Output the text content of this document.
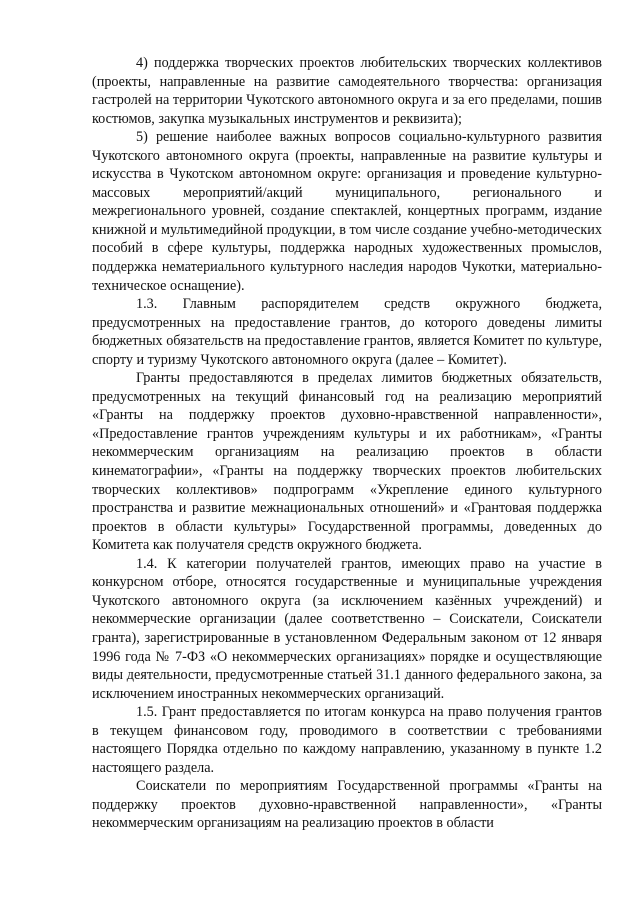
4) поддержка творческих проектов любительских творческих коллективов (проекты, направленные на развитие самодеятельного творчества: организация гастролей на территории Чукотского автономного округа и за его пределами, пошив костюмов, закупка музыкальных инструментов и реквизита);

5) решение наиболее важных вопросов социально-культурного развития Чукотского автономного округа (проекты, направленные на развитие культуры и искусства в Чукотском автономном округе: организация и проведение культурно-массовых мероприятий/акций муниципального, регионального и межрегионального уровней, создание спектаклей, концертных программ, издание книжной и мультимедийной продукции, в том числе создание учебно-методических пособий в сфере культуры, поддержка народных художественных промыслов, поддержка нематериального культурного наследия народов Чукотки, материально-техническое оснащение).

1.3. Главным распорядителем средств окружного бюджета, предусмотренных на предоставление грантов, до которого доведены лимиты бюджетных обязательств на предоставление грантов, является Комитет по культуре, спорту и туризму Чукотского автономного округа (далее – Комитет).

Гранты предоставляются в пределах лимитов бюджетных обязательств, предусмотренных на текущий финансовый год на реализацию мероприятий «Гранты на поддержку проектов духовно-нравственной направленности», «Предоставление грантов учреждениям культуры и их работникам», «Гранты некоммерческим организациям на реализацию проектов в области кинематографии», «Гранты на поддержку творческих проектов любительских творческих коллективов» подпрограмм «Укрепление единого культурного пространства и развитие межнациональных отношений» и «Грантовая поддержка проектов в области культуры» Государственной программы, доведенных до Комитета как получателя средств окружного бюджета.

1.4. К категории получателей грантов, имеющих право на участие в конкурсном отборе, относятся государственные и муниципальные учреждения Чукотского автономного округа (за исключением казённых учреждений) и некоммерческие организации (далее соответственно – Соискатели, Соискатели гранта), зарегистрированные в установленном Федеральным законом от 12 января 1996 года № 7-ФЗ «О некоммерческих организациях» порядке и осуществляющие виды деятельности, предусмотренные статьей 31.1 данного федерального закона, за исключением иностранных некоммерческих организаций.

1.5. Грант предоставляется по итогам конкурса на право получения грантов в текущем финансовом году, проводимого в соответствии с требованиями настоящего Порядка отдельно по каждому направлению, указанному в пункте 1.2 настоящего раздела.

Соискатели по мероприятиям Государственной программы «Гранты на поддержку проектов духовно-нравственной направленности», «Гранты некоммерческим организациям на реализацию проектов в области
